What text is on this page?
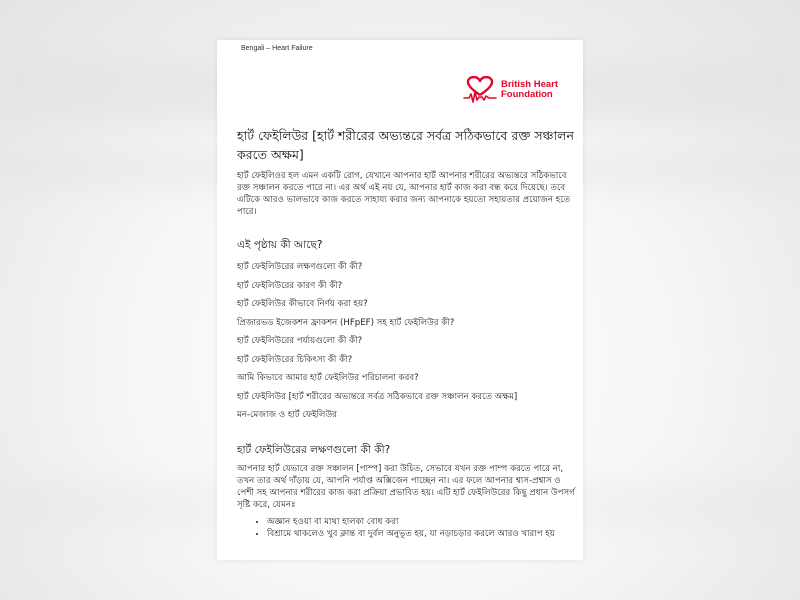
Bengali – Heart Failure
British Heart
Foundation
হার্ট ফেইলিউর [হার্ট শরীরের অভ্যন্তরে সর্বত্র সঠিকভাবে রক্ত সঞ্চালন করতে অক্ষম]

হার্ট ফেইলিওর হল এমন একটি রোগ, যেখানে আপনার হার্ট আপনার শরীরের অভ্যন্তরে সঠিকভাবে রক্ত সঞ্চালন করতে পারে না। এর অর্থ এই নয় যে, আপনার হার্ট কাজ করা বন্ধ করে দিয়েছে। তবে এটিকে আরও ভালভাবে কাজ করতে সাহায্য করার জন্য আপনাকে হয়তো সহায়তার প্রয়োজন হতে পারে।

এই পৃষ্ঠায় কী আছে?
হার্ট ফেইলিউরের লক্ষণগুলো কী কী?
হার্ট ফেইলিউরের কারণ কী কী?
হার্ট ফেইলিউর কীভাবে নির্ণয় করা হয়?
প্রিজারভড ইজেকশন ফ্রাকশন (HFpEF) সহ হার্ট ফেইলিউর কী?
হার্ট ফেইলিউরের পর্যায়গুলো কী কী?
হার্ট ফেইলিউরের চিকিৎসা কী কী?
আমি কিভাবে আমার হার্ট ফেইলিউর পরিচালনা করব?
হার্ট ফেইলিউর [হার্ট শরীরের অভ্যন্তরে সর্বত্র সঠিকভাবে রক্ত সঞ্চালন করতে অক্ষম]
মন-মেজাজ ও হার্ট ফেইলিউর
হার্ট ফেইলিউরের লক্ষণগুলো কী কী?

আপনার হার্ট যেভাবে রক্ত সঞ্চালন [পাম্প] করা উচিত, সেভাবে যখন রক্ত পাম্প করতে পারে না, তখন তার অর্থ দাঁড়ায় যে, আপনি পর্যাপ্ত অক্সিজেন পাচ্ছেন না। এর ফলে আপনার শ্বাস-প্রশ্বাস ও পেশী সহ আপনার শরীরের কাজ করা প্রক্রিয়া প্রভাবিত হয়। এটি হার্ট ফেইলিউরের কিছু প্রধান উপসর্গ সৃষ্টি করে, যেমনঃ

• অজ্ঞান হওয়া বা মাথা হালকা বোধ করা
• বিশ্রামে থাকলেও খুব ক্লান্ত বা দুর্বল অনুভূত হয়, যা নড়াচড়ার করলে আরও খারাপ হয়
